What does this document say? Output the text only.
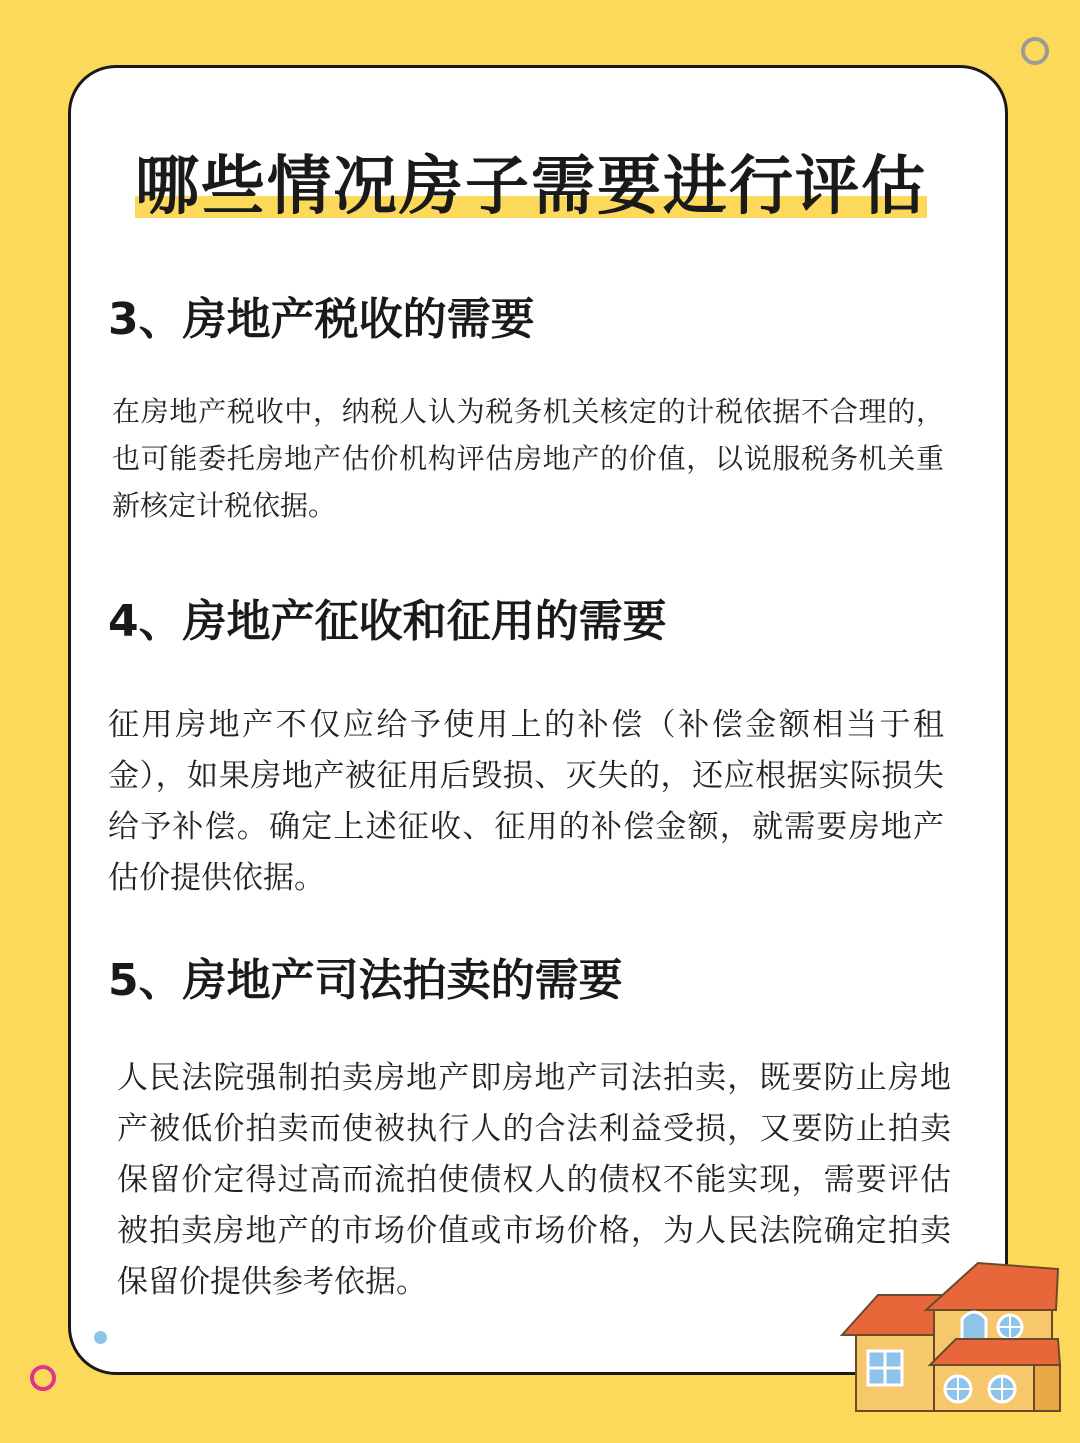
哪些情况房子需要进行评估
3、房地产税收的需要

在房地产税收中，纳税人认为税务机关核定的计税依据不合理的，也可能委托房地产估价机构评估房地产的价值，以说服税务机关重新核定计税依据。

4、房地产征收和征用的需要

征用房地产不仅应给予使用上的补偿（补偿金额相当于租金），如果房地产被征用后毁损、灭失的，还应根据实际损失给予补偿。确定上述征收、征用的补偿金额，就需要房地产估价提供依据。

5、房地产司法拍卖的需要

人民法院强制拍卖房地产即房地产司法拍卖，既要防止房地产被低价拍卖而使被执行人的合法利益受损，又要防止拍卖保留价定得过高而流拍使债权人的债权不能实现，需要评估被拍卖房地产的市场价值或市场价格，为人民法院确定拍卖保留价提供参考依据。
